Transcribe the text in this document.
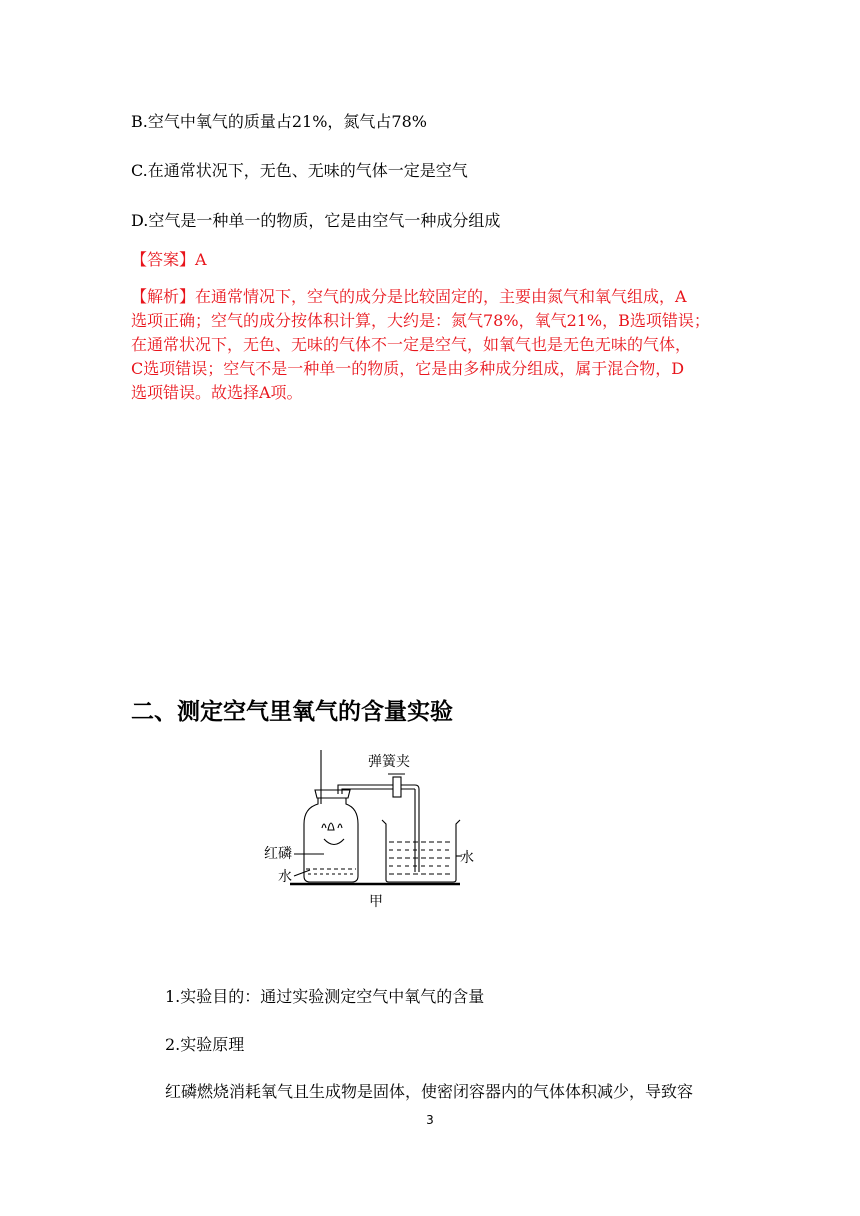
B.空气中氧气的质量占21%，氮气占78%
C.在通常状况下，无色、无味的气体一定是空气
D.空气是一种单一的物质，它是由空气一种成分组成
【答案】A
【解析】在通常情况下，空气的成分是比较固定的，主要由氮气和氧气组成，A
选项正确；空气的成分按体积计算，大约是：氮气78%，氧气21%，B选项错误；
在通常状况下，无色、无味的气体不一定是空气，如氧气也是无色无味的气体，
C选项错误；空气不是一种单一的物质，它是由多种成分组成，属于混合物，D
选项错误。故选择A项。
二、测定空气里氧气的含量实验
弹簧夹
红磷
水
水
甲
1.实验目的：通过实验测定空气中氧气的含量
2.实验原理
红磷燃烧消耗氧气且生成物是固体，使密闭容器内的气体体积减少，导致容
3
